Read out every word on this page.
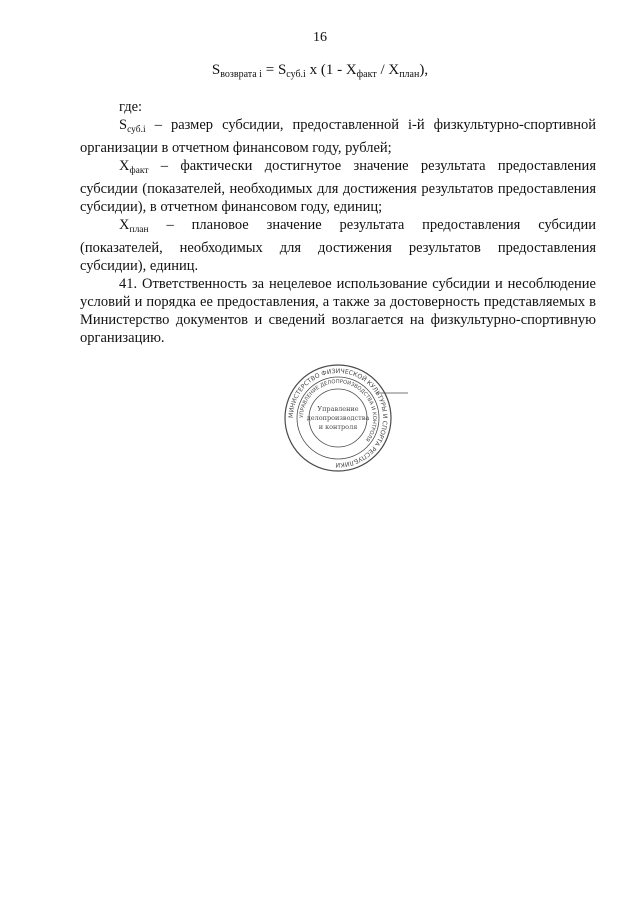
16
$S_{возврата i} = S_{суб.i}$ x $(1 - X_{факт} / X_{план})$,

где:

$S_{суб.i}$ – размер субсидии, предоставленной i-й физкультурно-спортивной организации в отчетном финансовом году, рублей;

$X_{факт}$ – фактически достигнутое значение результата предоставления субсидии (показателей, необходимых для достижения результатов предоставления субсидии), в отчетном финансовом году, единиц;

$X_{план}$ – плановое значение результата предоставления субсидии (показателей, необходимых для достижения результатов предоставления субсидии), единиц.

41. Ответственность за нецелевое использование субсидии и несоблюдение условий и порядка ее предоставления, а также за достоверность представляемых в Министерство документов и сведений возлагается на физкультурно-спортивную организацию.

МИНИСТЕРСТВО ФИЗИЧЕСКОЙ КУЛЬТУРЫ И СПОРТА РЕСПУБЛИКИ
УПРАВЛЕНИЕ ДЕЛОПРОИЗВОДСТВА И КОНТРОЛЯ
Управление
делопроизводства
и контроля
